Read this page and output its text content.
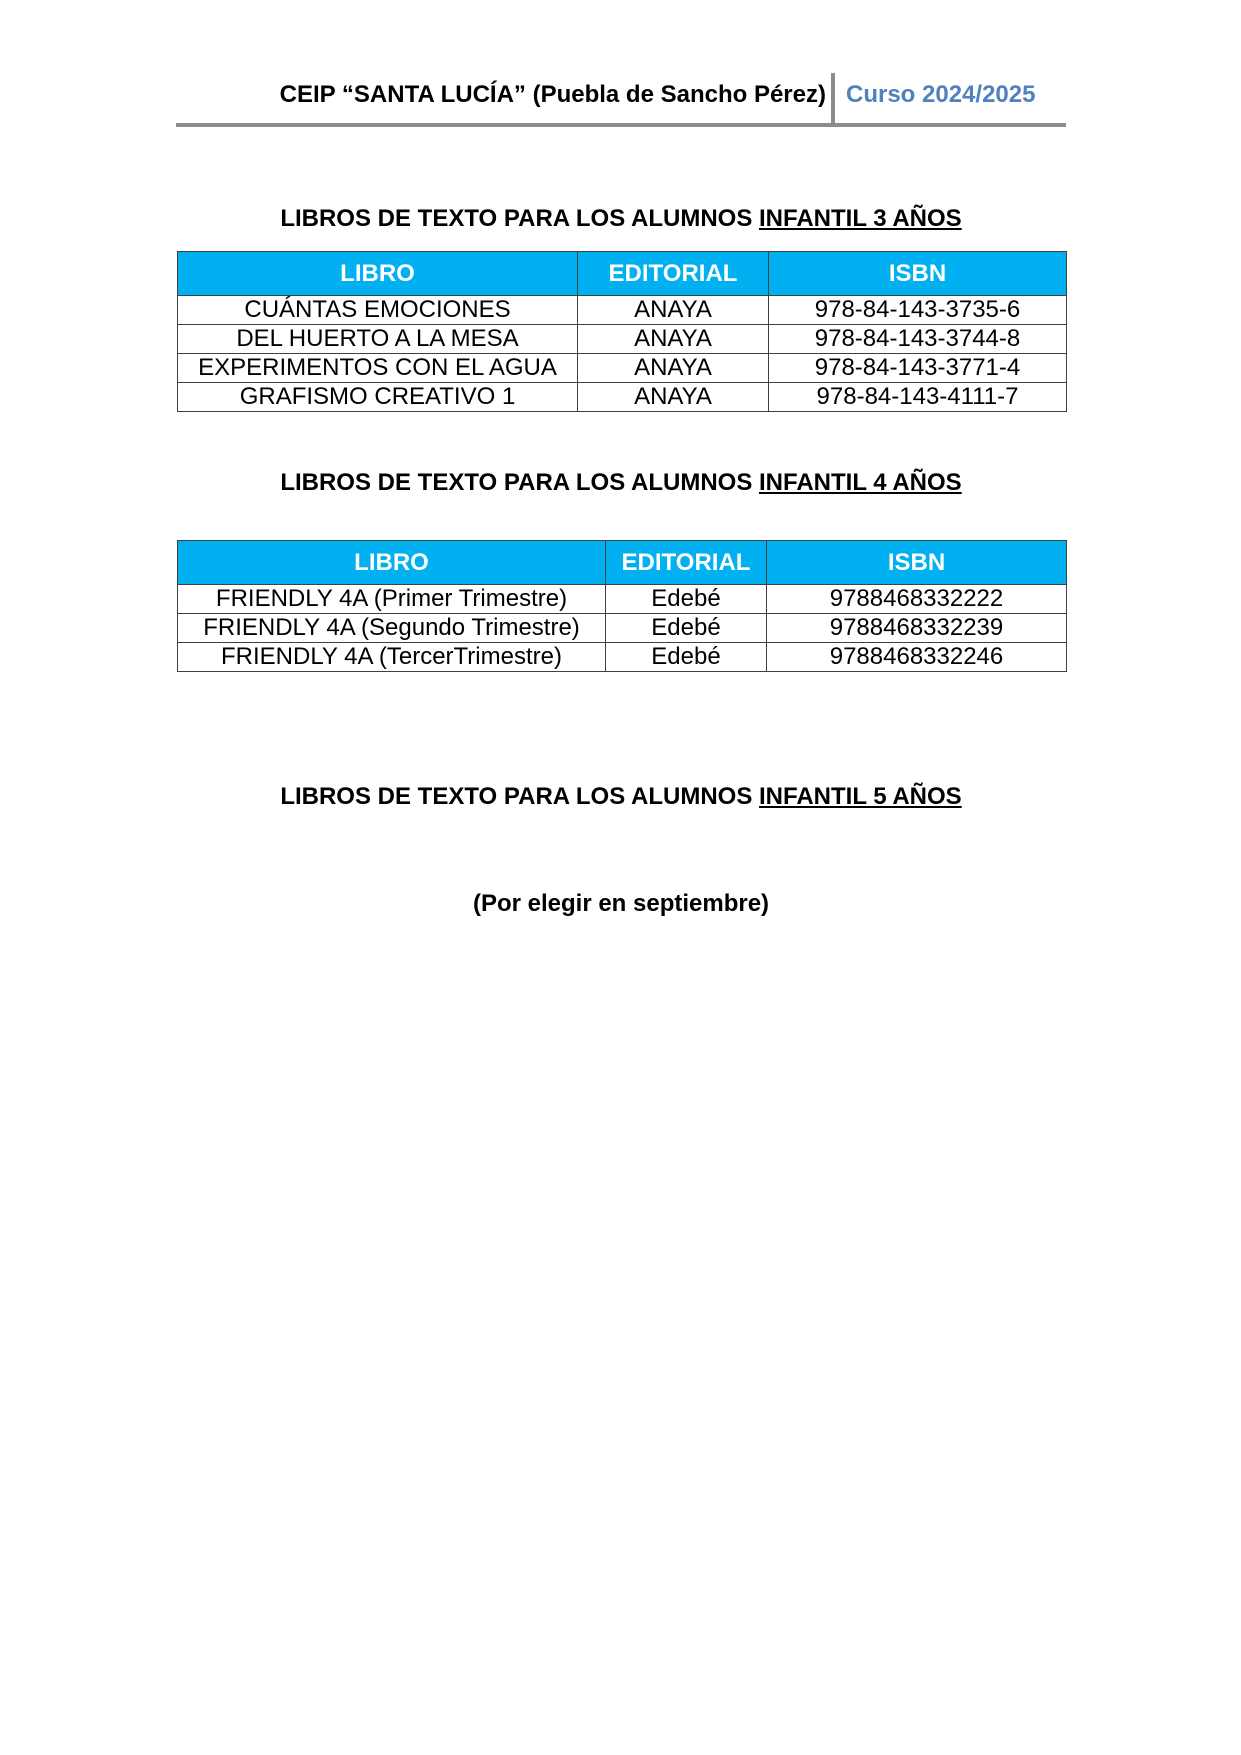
CEIP “SANTA LUCÍA” (Puebla de Sancho Pérez) Curso 2024/2025
LIBROS DE TEXTO PARA LOS ALUMNOS INFANTIL 3 AÑOS
LIBRO	EDITORIAL	ISBN
CUÁNTAS EMOCIONES	ANAYA	978-84-143-3735-6
DEL HUERTO A LA MESA	ANAYA	978-84-143-3744-8
EXPERIMENTOS CON EL AGUA	ANAYA	978-84-143-3771-4
GRAFISMO CREATIVO 1	ANAYA	978-84-143-4111-7
LIBROS DE TEXTO PARA LOS ALUMNOS INFANTIL 4 AÑOS
LIBRO	EDITORIAL	ISBN
FRIENDLY 4A (Primer Trimestre)	Edebé	9788468332222
FRIENDLY 4A (Segundo Trimestre)	Edebé	9788468332239
FRIENDLY 4A (TercerTrimestre)	Edebé	9788468332246
LIBROS DE TEXTO PARA LOS ALUMNOS INFANTIL 5 AÑOS
(Por elegir en septiembre)
